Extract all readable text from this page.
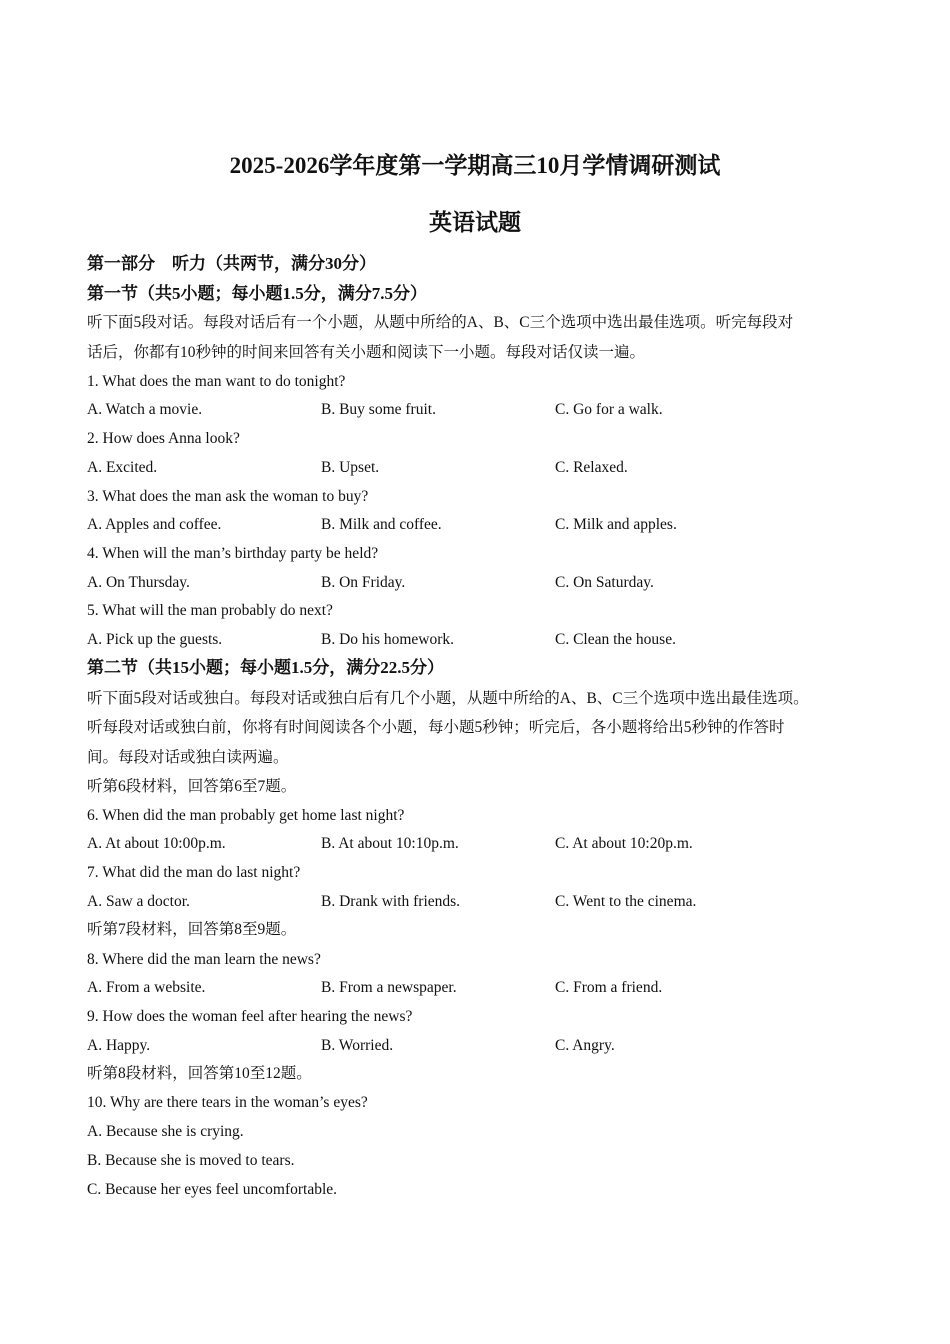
2025-2026学年度第一学期高三10月学情调研测试
英语试题
第一部分　听力（共两节，满分30分）
第一节（共5小题；每小题1.5分，满分7.5分）
听下面5段对话。每段对话后有一个小题，从题中所给的A、B、C三个选项中选出最佳选项。听完每段对
话后，你都有10秒钟的时间来回答有关小题和阅读下一小题。每段对话仅读一遍。
1. What does the man want to do tonight?
A. Watch a movie.	B. Buy some fruit.	C. Go for a walk.
2. How does Anna look?
A. Excited.	B. Upset.	C. Relaxed.
3. What does the man ask the woman to buy?
A. Apples and coffee.	B. Milk and coffee.	C. Milk and apples.
4. When will the man’s birthday party be held?
A. On Thursday.	B. On Friday.	C. On Saturday.
5. What will the man probably do next?
A. Pick up the guests.	B. Do his homework.	C. Clean the house.
第二节（共15小题；每小题1.5分，满分22.5分）
听下面5段对话或独白。每段对话或独白后有几个小题，从题中所给的A、B、C三个选项中选出最佳选项。
听每段对话或独白前，你将有时间阅读各个小题，每小题5秒钟；听完后，各小题将给出5秒钟的作答时
间。每段对话或独白读两遍。
听第6段材料，回答第6至7题。
6. When did the man probably get home last night?
A. At about 10:00p.m.	B. At about 10:10p.m.	C. At about 10:20p.m.
7. What did the man do last night?
A. Saw a doctor.	B. Drank with friends.	C. Went to the cinema.
听第7段材料，回答第8至9题。
8. Where did the man learn the news?
A. From a website.	B. From a newspaper.	C. From a friend.
9. How does the woman feel after hearing the news?
A. Happy.	B. Worried.	C. Angry.
听第8段材料，回答第10至12题。
10. Why are there tears in the woman’s eyes?
A. Because she is crying.
B. Because she is moved to tears.
C. Because her eyes feel uncomfortable.
